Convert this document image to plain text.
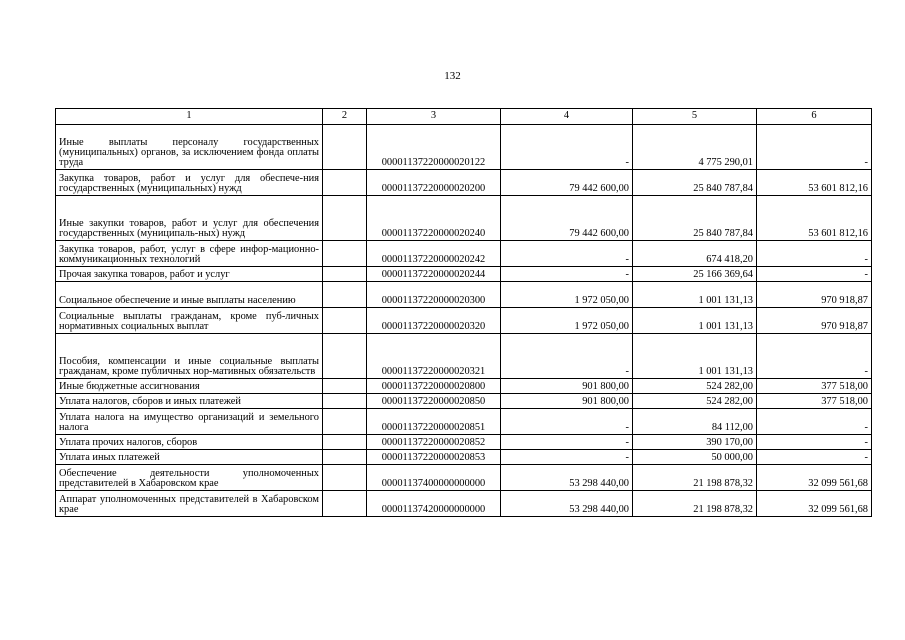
132
1	2	3	4	5	6
Иные выплаты персоналу государственных (муниципальных) органов, за исключением фонда оплаты труда		00001137220000020122	-	4 775 290,01	-
Закупка товаров, работ и услуг для обеспече-ния государственных (муниципальных) нужд		00001137220000020200	79 442 600,00	25 840 787,84	53 601 812,16
Иные закупки товаров, работ и услуг для обеспечения государственных (муниципаль-ных) нужд		00001137220000020240	79 442 600,00	25 840 787,84	53 601 812,16
Закупка товаров, работ, услуг в сфере инфор-мационно-коммуникационных технологий		00001137220000020242	-	674 418,20	-
Прочая закупка товаров, работ и услуг		00001137220000020244	-	25 166 369,64	-
Социальное обеспечение и иные выплаты населению		00001137220000020300	1 972 050,00	1 001 131,13	970 918,87
Социальные выплаты гражданам, кроме пуб-личных нормативных социальных выплат		00001137220000020320	1 972 050,00	1 001 131,13	970 918,87
Пособия, компенсации и иные социальные выплаты гражданам, кроме публичных нор-мативных обязательств		00001137220000020321	-	1 001 131,13	-
Иные бюджетные ассигнования		00001137220000020800	901 800,00	524 282,00	377 518,00
Уплата налогов, сборов и иных платежей		00001137220000020850	901 800,00	524 282,00	377 518,00
Уплата налога на имущество организаций и земельного налога		00001137220000020851	-	84 112,00	-
Уплата прочих налогов, сборов		00001137220000020852	-	390 170,00	-
Уплата иных платежей		00001137220000020853	-	50 000,00	-
Обеспечение деятельности уполномоченных представителей в Хабаровском крае		00001137400000000000	53 298 440,00	21 198 878,32	32 099 561,68
Аппарат уполномоченных представителей в Хабаровском крае		00001137420000000000	53 298 440,00	21 198 878,32	32 099 561,68
